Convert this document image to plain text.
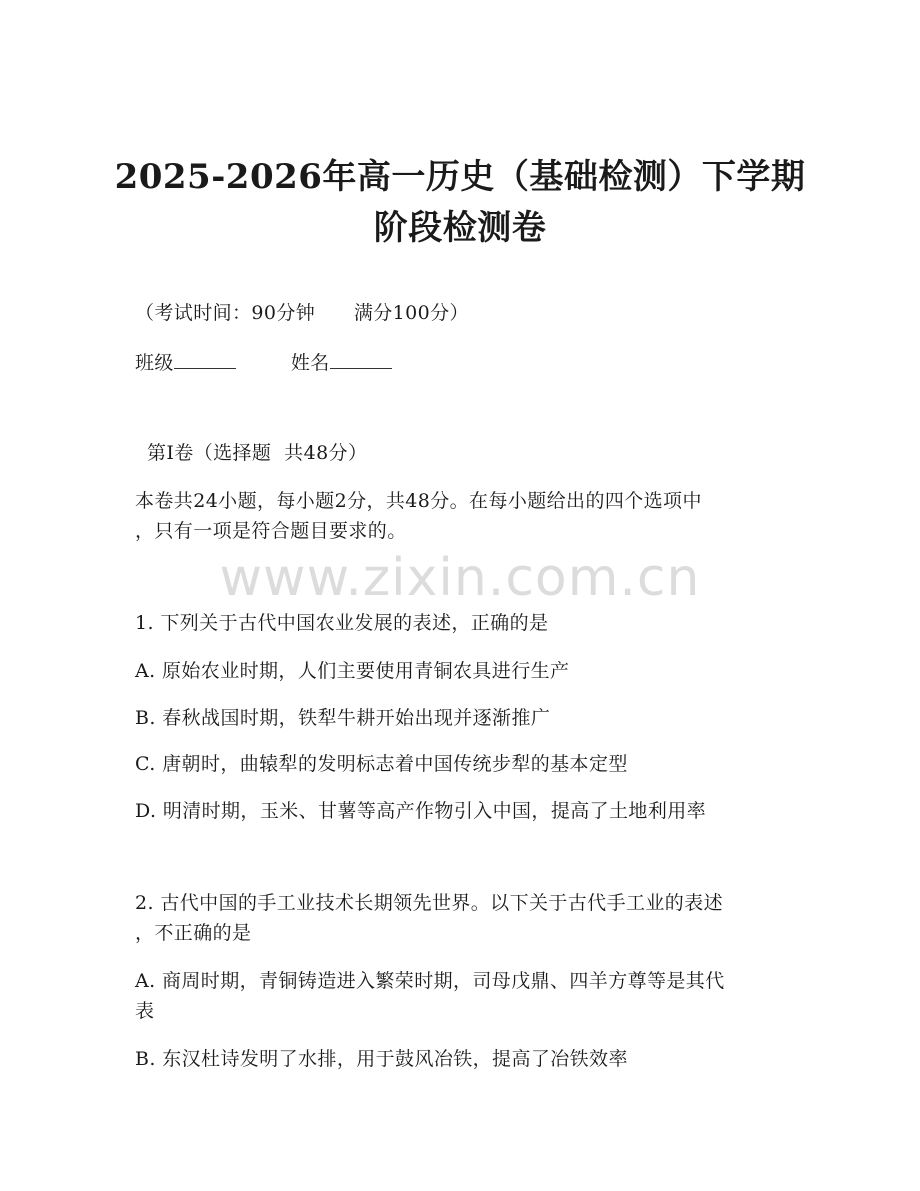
2025-2026年高一历史（基础检测）下学期
阶段检测卷
（考试时间：90分钟      满分100分）
班级	姓名
第Ⅰ卷（选择题  共48分）
本卷共24小题，每小题2分，共48分。在每小题给出的四个选项中
，只有一项是符合题目要求的。
www.zixin.com.cn
1. 下列关于古代中国农业发展的表述，正确的是
A. 原始农业时期，人们主要使用青铜农具进行生产
B. 春秋战国时期，铁犁牛耕开始出现并逐渐推广
C. 唐朝时，曲辕犁的发明标志着中国传统步犁的基本定型
D. 明清时期，玉米、甘薯等高产作物引入中国，提高了土地利用率
2. 古代中国的手工业技术长期领先世界。以下关于古代手工业的表述
，不正确的是
A. 商周时期，青铜铸造进入繁荣时期，司母戊鼎、四羊方尊等是其代
表
B. 东汉杜诗发明了水排，用于鼓风冶铁，提高了冶铁效率
